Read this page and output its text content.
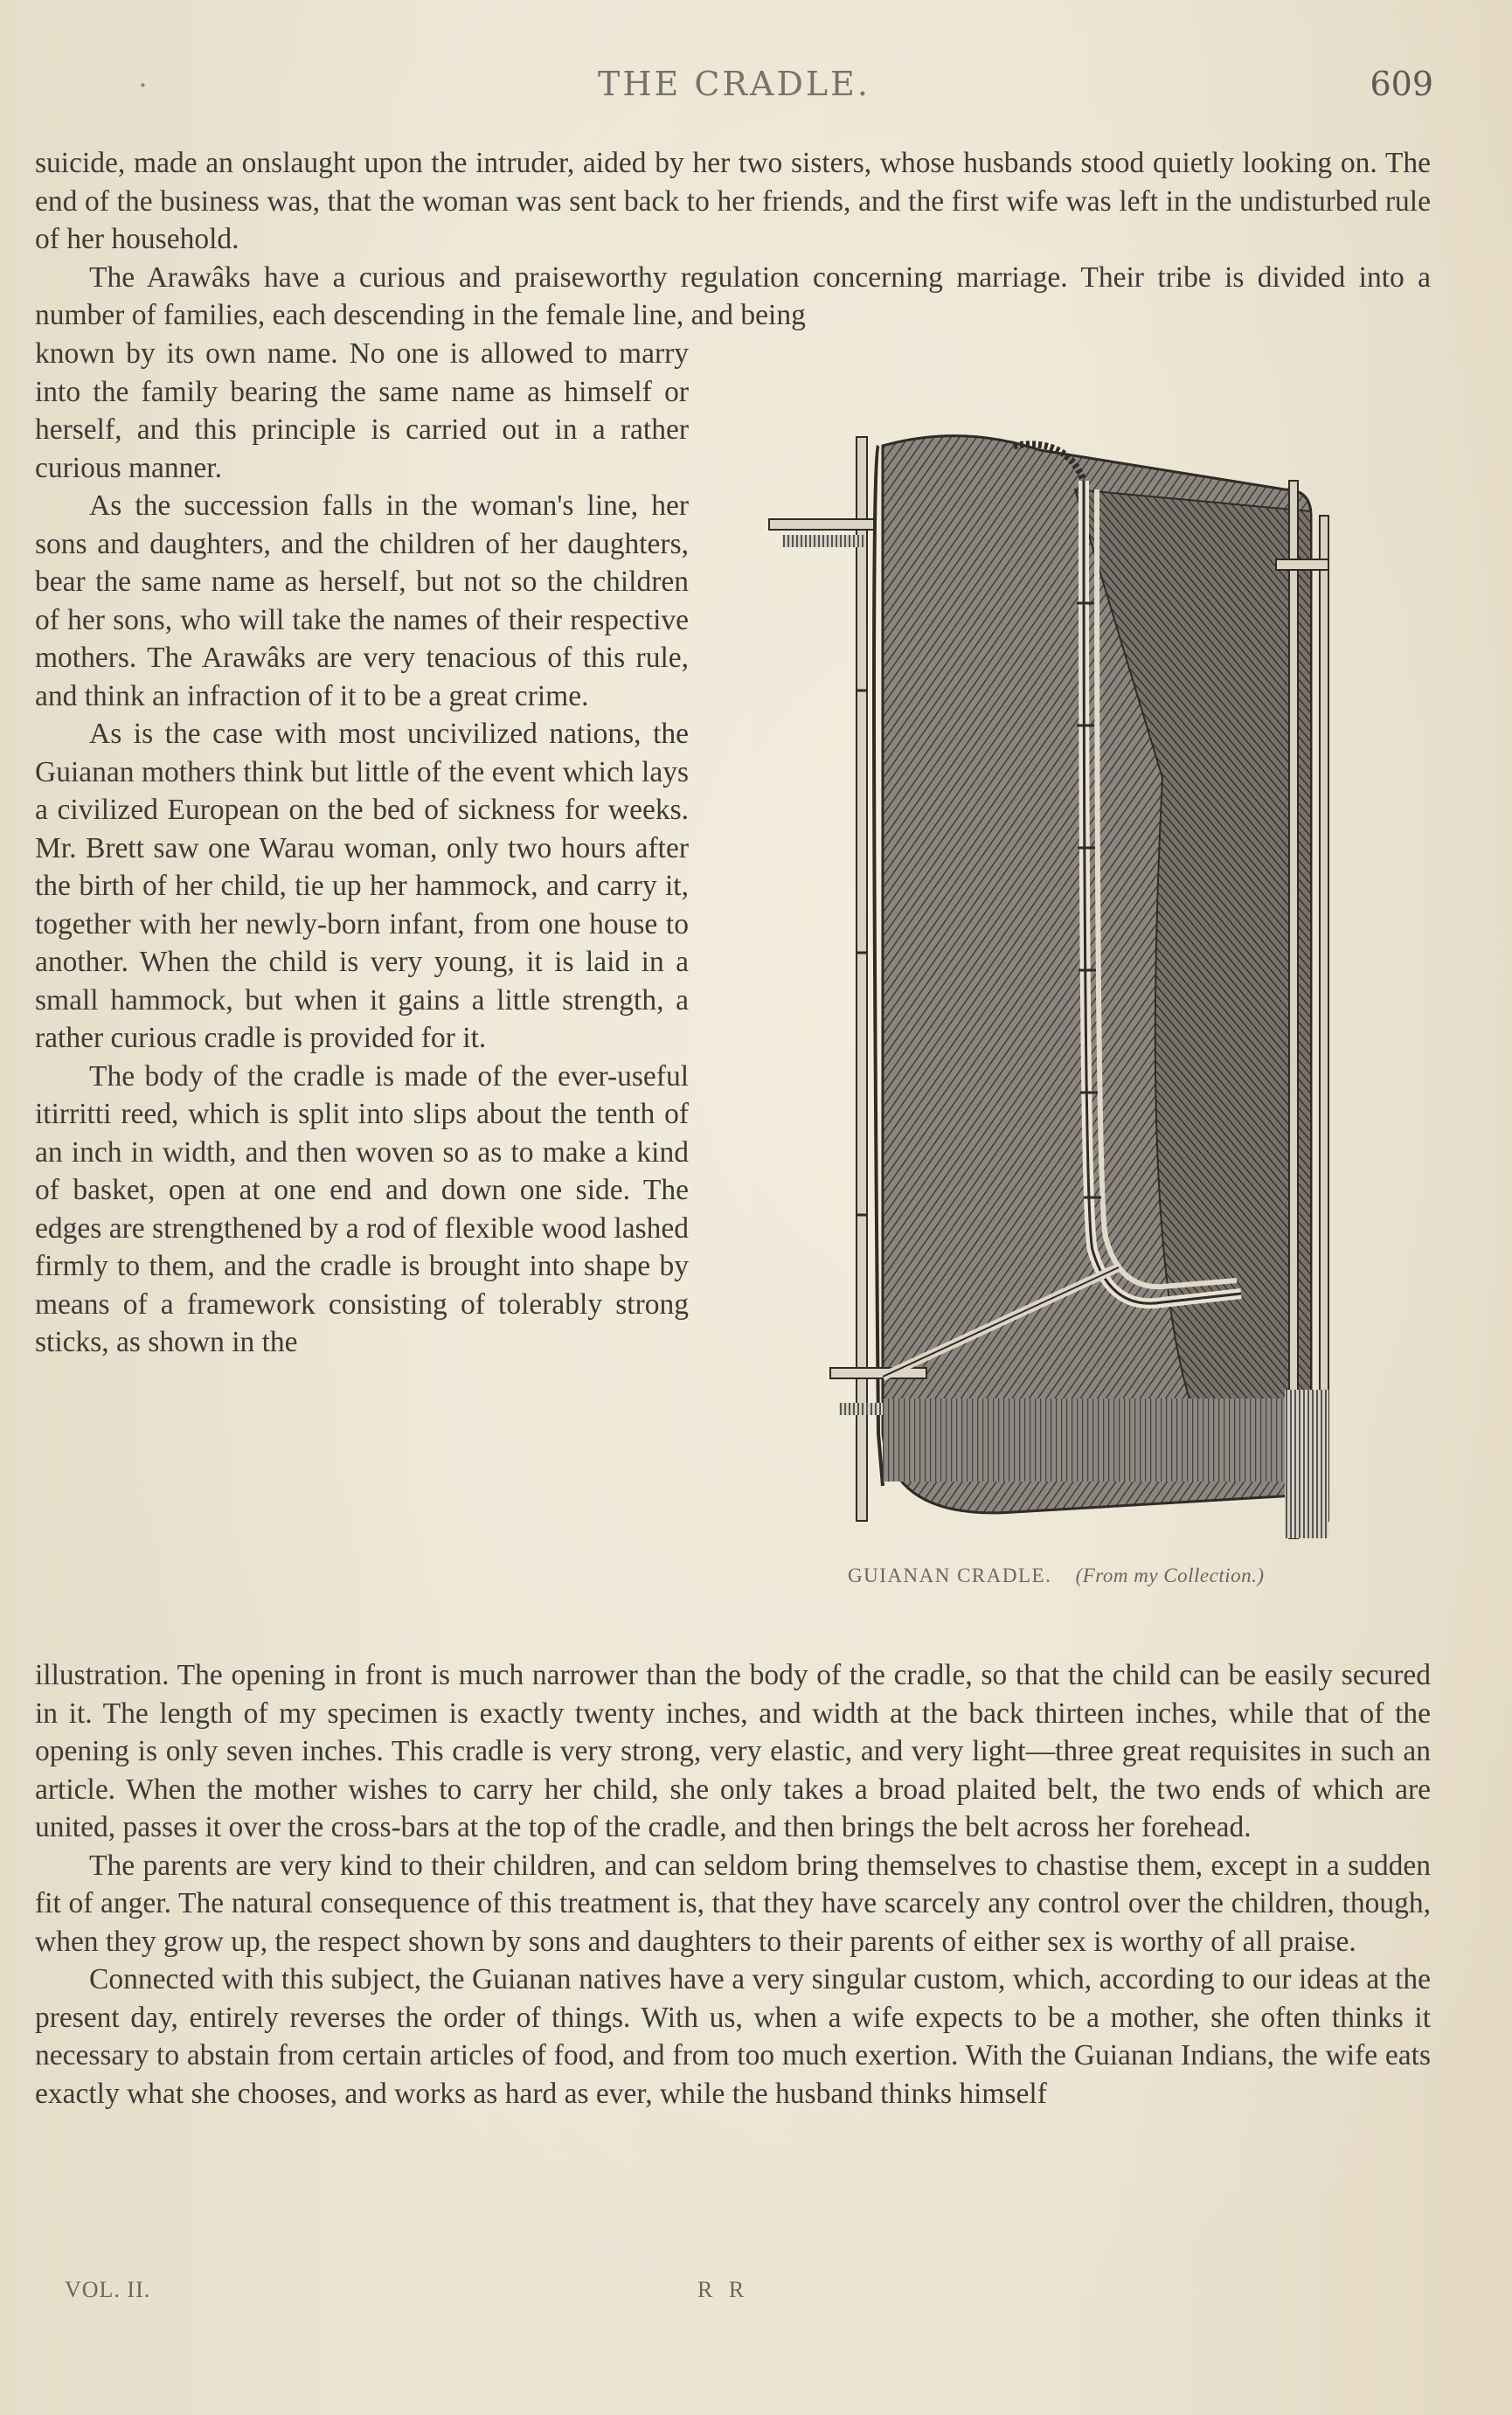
·	THE CRADLE.	609

suicide, made an onslaught upon the intruder, aided by her two sisters, whose husbands stood quietly looking on. The end of the business was, that the woman was sent back to her friends, and the first wife was left in the undisturbed rule of her household.

The Arawâks have a curious and praiseworthy regulation concerning marriage. Their tribe is divided into a number of families, each descending in the female line, and being

known by its own name. No one is allowed to marry into the family bearing the same name as himself or herself, and this principle is carried out in a rather curious manner.

As the succession falls in the woman's line, her sons and daughters, and the children of her daughters, bear the same name as herself, but not so the children of her sons, who will take the names of their respective mothers. The Arawâks are very tenacious of this rule, and think an infraction of it to be a great crime.

As is the case with most uncivilized nations, the Guianan mothers think but little of the event which lays a civilized European on the bed of sickness for weeks. Mr. Brett saw one Warau woman, only two hours after the birth of her child, tie up her hammock, and carry it, together with her newly-born infant, from one house to another. When the child is very young, it is laid in a small hammock, but when it gains a little strength, a rather curious cradle is provided for it.

The body of the cradle is made of the ever-useful itirritti reed, which is split into slips about the tenth of an inch in width, and then woven so as to make a kind of basket, open at one end and down one side. The edges are strengthened by a rod of flexible wood lashed firmly to them, and the cradle is brought into shape by means of a framework consisting of tolerably strong sticks, as shown in the

GUIANAN CRADLE. (From my Collection.)

illustration. The opening in front is much narrower than the body of the cradle, so that the child can be easily secured in it. The length of my specimen is exactly twenty inches, and width at the back thirteen inches, while that of the opening is only seven inches. This cradle is very strong, very elastic, and very light—three great requisites in such an article. When the mother wishes to carry her child, she only takes a broad plaited belt, the two ends of which are united, passes it over the cross-bars at the top of the cradle, and then brings the belt across her forehead.

The parents are very kind to their children, and can seldom bring themselves to chastise them, except in a sudden fit of anger. The natural consequence of this treatment is, that they have scarcely any control over the children, though, when they grow up, the respect shown by sons and daughters to their parents of either sex is worthy of all praise.

Connected with this subject, the Guianan natives have a very singular custom, which, according to our ideas at the present day, entirely reverses the order of things. With us, when a wife expects to be a mother, she often thinks it necessary to abstain from certain articles of food, and from too much exertion. With the Guianan Indians, the wife eats exactly what she chooses, and works as hard as ever, while the husband thinks himself

VOL. II.	R R
